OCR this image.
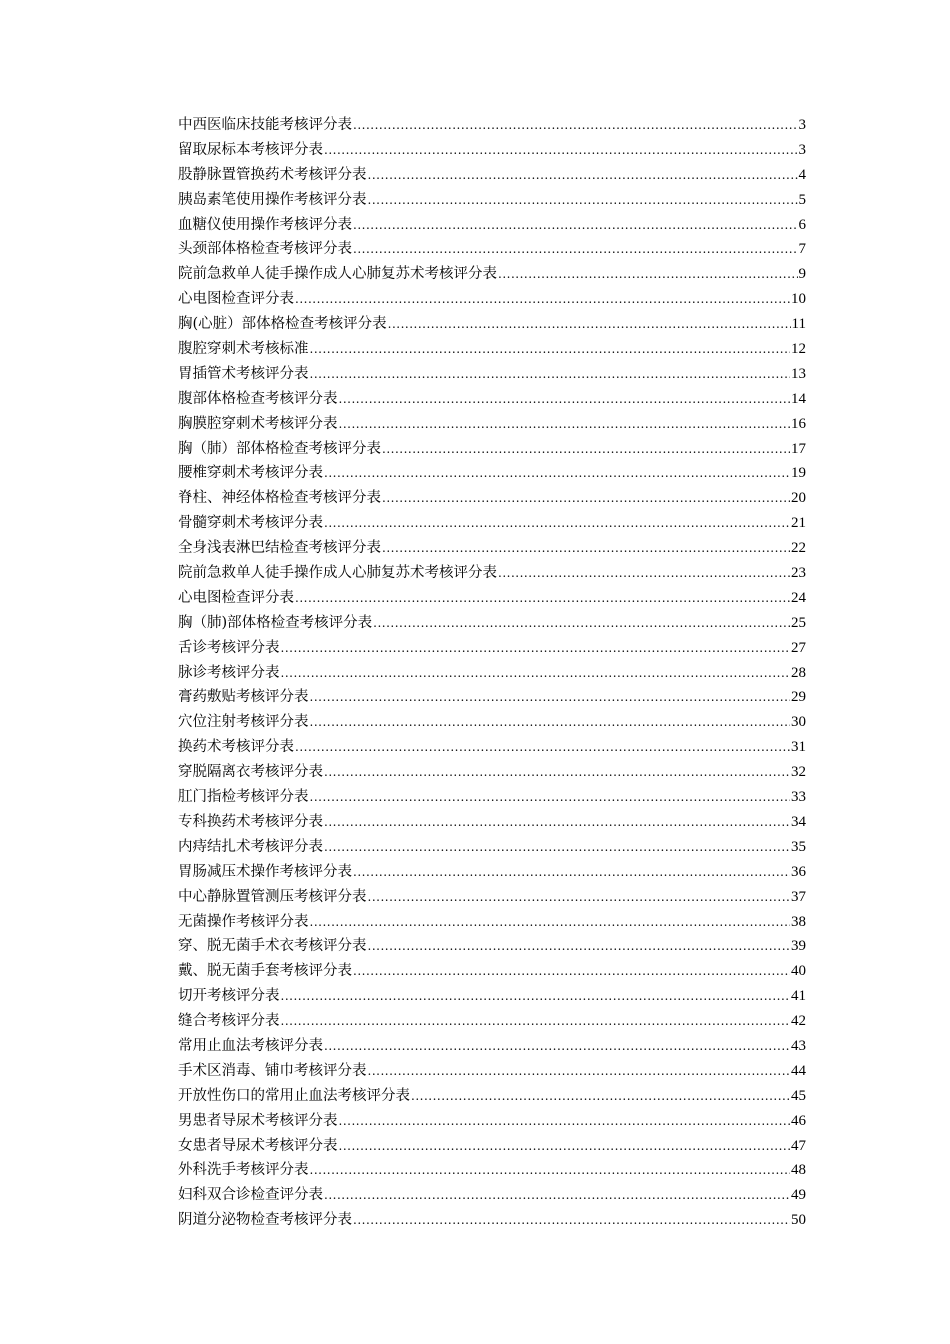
中西医临床技能考核评分表 .....	3
留取尿标本考核评分表 .....	3
股静脉置管换药术考核评分表 .....	4
胰岛素笔使用操作考核评分表 .....	5
血糖仪使用操作考核评分表 .....	6
头颈部体格检查考核评分表 .....	7
院前急救单人徒手操作成人心肺复苏术考核评分表 .....	9
心电图检查评分表 .....	10
胸(心脏）部体格检查考核评分表 .....	11
腹腔穿刺术考核标准 .....	12
胃插管术考核评分表 .....	13
腹部体格检查考核评分表 .....	14
胸膜腔穿刺术考核评分表 .....	16
胸（肺）部体格检查考核评分表 .....	17
腰椎穿刺术考核评分表 .....	19
脊柱、神经体格检查考核评分表 .....	20
骨髓穿刺术考核评分表 .....	21
全身浅表淋巴结检查考核评分表 .....	22
院前急救单人徒手操作成人心肺复苏术考核评分表 .....	23
心电图检查评分表 .....	24
胸（肺)部体格检查考核评分表 .....	25
舌诊考核评分表 .....	27
脉诊考核评分表 .....	28
膏药敷贴考核评分表 .....	29
穴位注射考核评分表 .....	30
换药术考核评分表 .....	31
穿脱隔离衣考核评分表 .....	32
肛门指检考核评分表 .....	33
专科换药术考核评分表 .....	34
内痔结扎术考核评分表 .....	35
胃肠减压术操作考核评分表 .....	36
中心静脉置管测压考核评分表 .....	37
无菌操作考核评分表 .....	38
穿、脱无菌手术衣考核评分表 .....	39
戴、脱无菌手套考核评分表 .....	40
切开考核评分表 .....	41
缝合考核评分表 .....	42
常用止血法考核评分表 .....	43
手术区消毒、铺巾考核评分表 .....	44
开放性伤口的常用止血法考核评分表 .....	45
男患者导尿术考核评分表 .....	46
女患者导尿术考核评分表 .....	47
外科洗手考核评分表 .....	48
妇科双合诊检查评分表 .....	49
阴道分泌物检查考核评分表 .....	50
